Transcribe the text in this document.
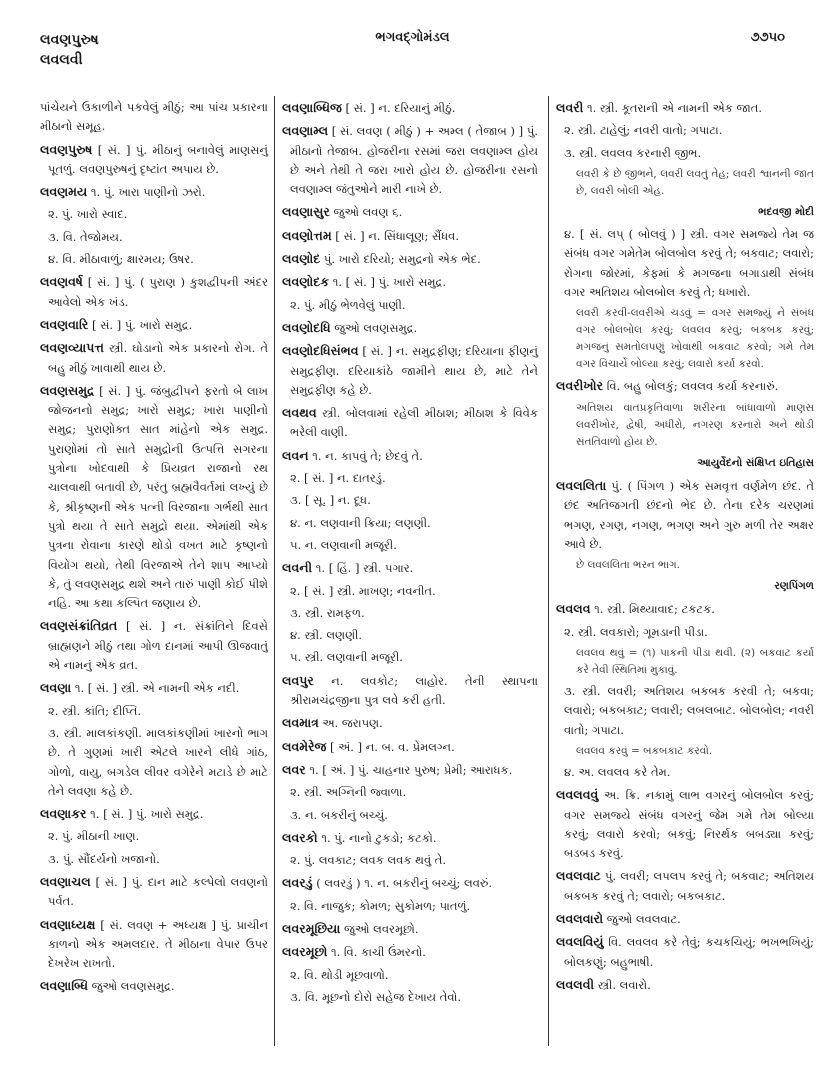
લવણપુરુષ
લવલવી
ભગવદ્ગોમંડલ	૭૭૫૦
પાંચેયને ઉકાળીને પકવેલું મીઠું; આ પાંચ પ્રકારના મીઠાનો સમૂહ.
લવણપુરુષ [ સં. ] પું. મીઠાનું બનાવેલું માણસનું પૂતળું. લવણપુરુષનું દૃષ્ટાંત અપાય છે.
લવણમય ૧. પું. ખારા પાણીનો ઝરો.
૨. પું. ખારો સ્વાદ.
૩. વિ. તેજોમય.
૪. વિ. મીઠાવાળું; ક્ષારમય; ઉષર.
લવણવર્ષ [ સં. ] પું. ( પુરાણ ) કુશદ્વીપની અંદર આવેલો એક ખંડ.
લવણવારિ [ સં. ] પું. ખારો સમુદ્ર.
લવણવ્યાપત્ત સ્ત્રી. ઘોડાનો એક પ્રકારનો રોગ. તે બહુ મીઠું ખાવાથી થાય છે.
લવણસમુદ્ર [ સં. ] પું. જંબુદ્વીપને ફરતો બે લાખ જોજનનો સમુદ્ર; ખારો સમુદ્ર; ખારા પાણીનો સમુદ્ર; પુરાણોક્ત સાત માંહેનો એક સમુદ્ર. પુરાણોમાં તો સાતે સમુદ્રોની ઉત્પત્તિ સગરના પુત્રોના ખોદવાથી કે પ્રિયવ્રત રાજાનો રથ ચાલવાથી બતાવી છે, પરંતુ બ્રહ્મવૈવર્તમાં લખ્યું છે કે, શ્રીકૃષ્ણની એક પત્ની વિરજાના ગર્ભથી સાત પુત્રો થયા તે સાતે સમુદ્રો થયા. એમાંથી એક પુત્રના રોવાના કારણે થોડો વખત માટે કૃષ્ણનો વિયોગ થયો, તેથી વિરજાએ તેને શાપ આપ્યો કે, તું લવણસમુદ્ર થશે અને તારું પાણી કોઈ પીશે નહિ. આ કથા કલ્પિત જણાય છે.
લવણસંક્રાંતિવ્રત [ સં. ] ન. સંક્રાંતિને દિવસે બ્રાહ્મણને મીઠું તથા ગોળ દાનમાં આપી ઊજવાતું એ નામનું એક વ્રત.
લવણા ૧. [ સં. ] સ્ત્રી. એ નામની એક નદી.
૨. સ્ત્રી. કાંતિ; દીપ્તિ.
૩. સ્ત્રી. માલકાંકણી. માલકાંકણીમાં ખારનો ભાગ છે. તે ગુણમાં ખારી એટલે ખારને લીધે ગાંઠ, ગોળો, વાયુ, બગડેલ લીવર વગેરેને મટાડે છે માટે તેને લવણા કહે છે.
લવણાકર ૧. [ સં. ] પું. ખારો સમુદ્ર.
૨. પું. મીઠાની ખાણ.
૩. પું. સૌંદર્યનો ખજાનો.
લવણાચલ [ સં. ] પું. દાન માટે કલ્પેલો લવણનો પર્વત.
લવણાધ્યક્ષ [ સં. લવણ + અધ્યક્ષ ] પું. પ્રાચીન કાળનો એક અમલદાર. તે મીઠાના વેપાર ઉપર દેખરેખ રાખતો.
લવણાબ્ધિ જુઓ લવણસમુદ્ર.
લવણાબ્ધિજ [ સં. ] ન. દરિયાનું મીઠું.
લવણામ્લ [ સં. લવણ ( મીઠું ) + અમ્લ ( તેજાબ ) ] પું. મીઠાનો તેજાબ. હોજરીના રસમાં જરા લવણામ્લ હોય છે અને તેથી તે જરા ખારો હોય છે. હોજરીના રસનો લવણામ્લ જંતુઓને મારી નાખે છે.
લવણાસુર જુઓ લવણ ૬.
લવણોત્તમ [ સં. ] ન. સિંધાલૂણ; સૈંધવ.
લવણોદ પું. ખારો દરિયો; સમુદ્રનો એક ભેદ.
લવણોદક ૧. [ સં. ] પું. ખારો સમુદ્ર.
૨. પું. મીઠું ભેળવેલું પાણી.
લવણોદધિ જુઓ લવણસમુદ્ર.
લવણોદધિસંભવ [ સં. ] ન. સમુદ્રફીણ; દરિયાના ફીણનું સમુદ્રફીણ. દરિયાકાંઠે જામીને થાય છે, માટે તેને સમુદ્રફીણ કહે છે.
લવથવ સ્ત્રી. બોલવામાં રહેલી મીઠાશ; મીઠાશ કે વિવેક ભરેલી વાણી.
લવન ૧. ન. કાપવું તે; છેદવું તે.
૨. [ સં. ] ન. દાતરડું.
૩. [ સૂ. ] ન. દૂધ.
૪. ન. લણવાની ક્રિયા; લણણી.
૫. ન. લણવાની મજૂરી.
લવની ૧. [ હિં. ] સ્ત્રી. પગાર.
૨. [ સં. ] સ્ત્રી. માખણ; નવનીત.
૩. સ્ત્રી. રામફળ.
૪. સ્ત્રી. લણણી.
૫. સ્ત્રી. લણવાની મજૂરી.
લવપુર ન. લવકોટ; લાહોર. તેની સ્થાપના શ્રીરામચંદ્રજીના પુત્ર લવે કરી હતી.
લવમાત્ર અ. જરાપણ.
લવમેરેજ [ અં. ] ન. બ. વ. પ્રેમલગ્ન.
લવર ૧. [ અં. ] પું. ચાહનાર પુરુષ; પ્રેમી; આરાધક.
૨. સ્ત્રી. અગ્નિની જ્વાળા.
૩. ન. બકરીનું બચ્ચું.
લવરકો ૧. પું. નાનો ટુકડો; કટકો.
૨. પું. લવકાટ; લવક લવક થવું તે.
લવરડું ( લવરડું ) ૧. ન. બકરીનું બચ્ચું; લવરું.
૨. વિ. નાજુક; કોમળ; સુકોમળ; પાતળું.
લવરમૂછિયા જુઓ લવરમૂછો.
લવરમૂછો ૧. વિ. કાચી ઉંમરનો.
૨. વિ. થોડી મૂછવાળો.
૩. વિ. મૂછનો દોરો સહેજ દેખાય તેવો.
લવરી ૧. સ્ત્રી. કૂતરાની એ નામની એક જાત.
૨. સ્ત્રી. ટાહેલું; નવરી વાતો; ગપાટા.
૩. સ્ત્રી. લવલવ કરનારી જીભ.
લવરી કે છે જીભને, લવરી લવતું તેહ; લવરી શ્વાનની જાત છે, લવરી બોલી એહ.
ભદવજી મોદી
૪. [ સં. લપ્ ( બોલવું ) ] સ્ત્રી. વગર સમજ્યે તેમ જ સંબંધ વગર ગમેતેમ બોલબોલ કરવું તે; બકવાટ; લવારો; રોગના જોરમાં, કેફમાં કે મગજના બગાડાથી સંબંધ વગર અતિશય બોલબોલ કરવું તે; ધખારો.
લવરી કરવી-લવરીએ ચડવું = વગર સમજ્યું ને સંબંધ વગર બોલબોલ કરવું; લવલવ કરવું; બકબક કરવું; મગજનું સમતોલપણું ખોવાથી બકવાટ કરવો; ગમે તેમ વગર વિચાર્યે બોલ્યા કરવું; લવારો કર્યા કરવો.
લવરીખોર વિ. બહુ બોલકું; લવલવ કર્યા કરનારું.
અતિશય વાતપ્રકૃતિવાળા શરીરના બાંધાવાળો માણસ લવરીખોર, દ્વેષી, અધીરો, નગરણ કરનારો અને થોડી સંતતિવાળો હોય છે.
આયુર્વેદનો સંક્ષિપ્ત ઇતિહાસ
લવલલિતા પું. ( પિંગળ ) એક સમવૃત્ત વર્ણમેળ છંદ. તે છંદ અતિજગતી છંદનો ભેદ છે. તેના દરેક ચરણમાં ભગણ, રગણ, નગણ, ભગણ અને ગુરુ મળી તેર અક્ષર આવે છે.
છે લવલલિતા ભરન ભાગ.
રણપિંગળ
લવલવ ૧. સ્ત્રી. મિથ્યાવાદ; ટકટક.
૨. સ્ત્રી. લવકારો; ગૂમડાની પીડા.
લવલવ થવું = (૧) પાકની પીડા થવી. (૨) બકવાટ કર્યા કરે તેવી સ્થિતિમાં મુકાવું.
૩. સ્ત્રી. લવરી; અતિશય બકબક કરવી તે; બકવા; લવારો; બકબકાટ; લવારી; લબલબાટ. બોલબોલ; નવરી વાતો; ગપાટા.
લવલવ કરવું = બકબકાટ કરવો.
૪. અ. લવલવ કરે તેમ.
લવલવવું અ. ક્રિ. નકામું લાભ વગરનું બોલબોલ કરવું; વગર સમજ્યે સંબંધ વગરનું જેમ ગમે તેમ બોલ્યા કરવું; લવારો કરવો; બકવું; નિરર્થક બબડ્યા કરવું; બડબડ કરવું.
લવલવાટ પું. લવરી; લપલપ કરવું તે; બકવાટ; અતિશય બકબક કરવું તે; લવારો; બકબકાટ.
લવલવારો જુઓ લવલવાટ.
લવલવિયું વિ. લવલવ કરે તેવું; કચકચિયું; ભખભખિયું; બોલકણું; બહુભાષી.
લવલવી સ્ત્રી. લવારો.
